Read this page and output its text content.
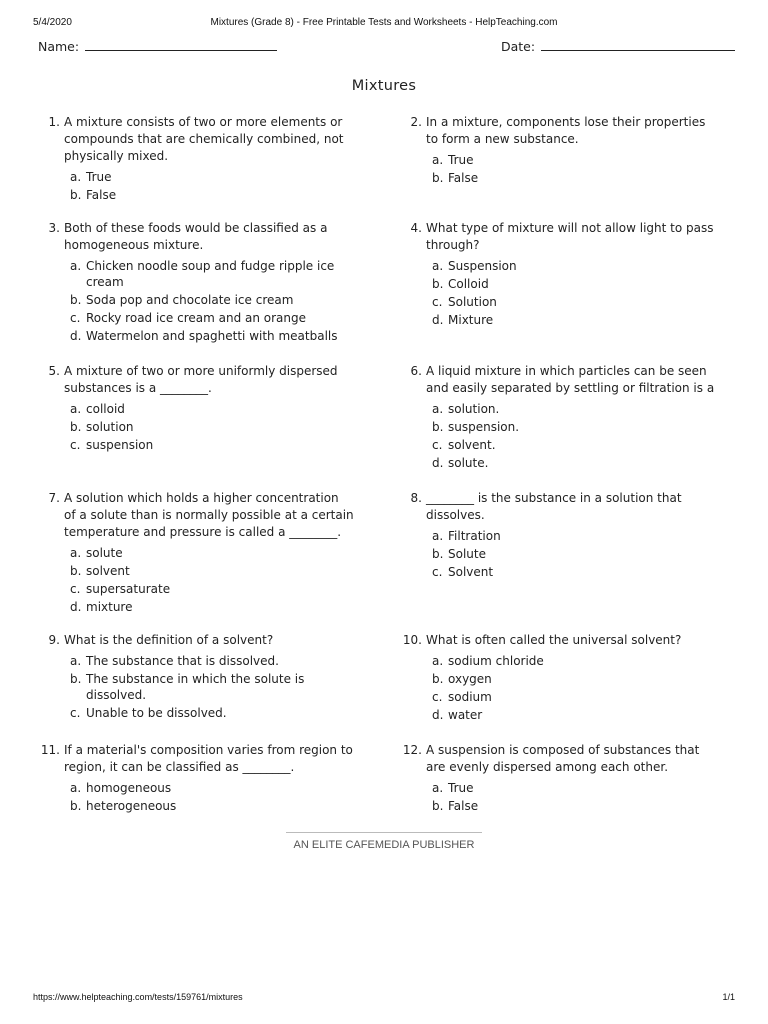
5/4/2020	Mixtures (Grade 8) - Free Printable Tests and Worksheets - HelpTeaching.com
Name:	Date:
Mixtures
1. A mixture consists of two or more elements or compounds that are chemically combined, not physically mixed.
a. True
b. False
2. In a mixture, components lose their properties to form a new substance.
a. True
b. False
3. Both of these foods would be classified as a homogeneous mixture.
a. Chicken noodle soup and fudge ripple ice cream
b. Soda pop and chocolate ice cream
c. Rocky road ice cream and an orange
d. Watermelon and spaghetti with meatballs
4. What type of mixture will not allow light to pass through?
a. Suspension
b. Colloid
c. Solution
d. Mixture
5. A mixture of two or more uniformly dispersed substances is a ________.
a. colloid
b. solution
c. suspension
6. A liquid mixture in which particles can be seen and easily separated by settling or filtration is a
a. solution.
b. suspension.
c. solvent.
d. solute.
7. A solution which holds a higher concentration of a solute than is normally possible at a certain temperature and pressure is called a ________.
a. solute
b. solvent
c. supersaturate
d. mixture
8. ________ is the substance in a solution that dissolves.
a. Filtration
b. Solute
c. Solvent
9. What is the definition of a solvent?
a. The substance that is dissolved.
b. The substance in which the solute is dissolved.
c. Unable to be dissolved.
10. What is often called the universal solvent?
a. sodium chloride
b. oxygen
c. sodium
d. water
11. If a material's composition varies from region to region, it can be classified as ________.
a. homogeneous
b. heterogeneous
12. A suspension is composed of substances that are evenly dispersed among each other.
a. True
b. False
AN ELITE CAFEMEDIA PUBLISHER
https://www.helpteaching.com/tests/159761/mixtures	1/1
